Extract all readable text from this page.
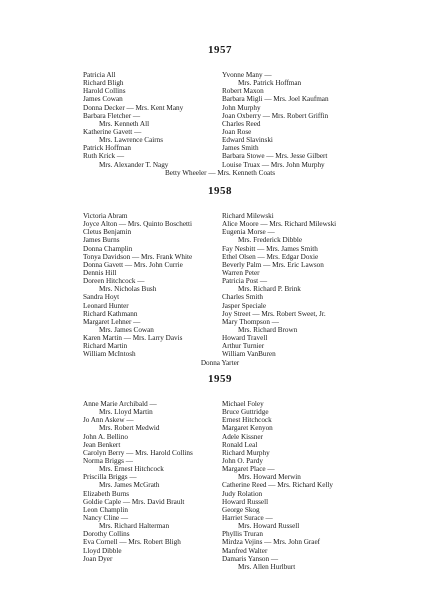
1957
Patricia All
Richard Bligh
Harold Collins
James Cowan
Donna Decker — Mrs. Kent Many
Barbara Fletcher —
Mrs. Kenneth All
Katherine Gavett —
Mrs. Lawrence Cairns
Patrick Hoffman
Ruth Krick —
Mrs. Alexander T. Nagy
Yvonne Many —
Mrs. Patrick Hoffman
Robert Maxon
Barbara Migli — Mrs. Joel Kaufman
John Murphy
Joan Oxberry — Mrs. Robert Griffin
Charles Reed
Joan Rose
Edward Slavinski
James Smith
Barbara Stowe — Mrs. Jesse Gilbert
Louise Truax — Mrs. John Murphy
Betty Wheeler — Mrs. Kenneth Coats
1958
Victoria Abram
Joyce Alton — Mrs. Quinto Boschetti
Cletus Benjamin
James Burns
Donna Champlin
Tonya Davidson — Mrs. Frank White
Donna Gavett — Mrs. John Currie
Dennis Hill
Doreen Hitchcock —
Mrs. Nicholas Bush
Sandra Hoyt
Leonard Hunter
Richard Kathmann
Margaret Lehner —
Mrs. James Cowan
Karen Martin — Mrs. Larry Davis
Richard Martin
William McIntosh
Richard Milewski
Alice Moore — Mrs. Richard Milewski
Eugenia Morse —
Mrs. Frederick Dibble
Fay Nesbitt — Mrs. James Smith
Ethel Olsen — Mrs. Edgar Doxie
Beverly Palm — Mrs. Eric Lawson
Warren Peter
Patricia Post —
Mrs. Richard P. Brink
Charles Smith
Jasper Speciale
Joy Street — Mrs. Robert Sweet, Jr.
Mary Thompson —
Mrs. Richard Brown
Howard Travell
Arthur Turnier
William VanBuren
Donna Yarter
1959
Anne Marie Archibald —
Mrs. Lloyd Martin
Jo Ann Askew —
Mrs. Robert Medwid
John A. Bellino
Jean Benkert
Carolyn Berry — Mrs. Harold Collins
Norma Briggs —
Mrs. Ernest Hitchcock
Priscilla Briggs —
Mrs. James McGrath
Elizabeth Burns
Goldie Caple — Mrs. David Brault
Leon Champlin
Nancy Cline —
Mrs. Richard Halterman
Dorothy Collins
Eva Cornell — Mrs. Robert Bligh
Lloyd Dibble
Joan Dyer
Michael Foley
Bruce Guttridge
Ernest Hitchcock
Margaret Kenyon
Adele Kissner
Ronald Leal
Richard Murphy
John O. Pardy
Margaret Place —
Mrs. Howard Merwin
Catherine Reed — Mrs. Richard Kelly
Judy Rolation
Howard Russell
George Skog
Harriet Surace —
Mrs. Howard Russell
Phyllis Truran
Mirdza Vejins — Mrs. John Graef
Manfred Walter
Damaris Yanson —
Mrs. Allen Hurlburt
